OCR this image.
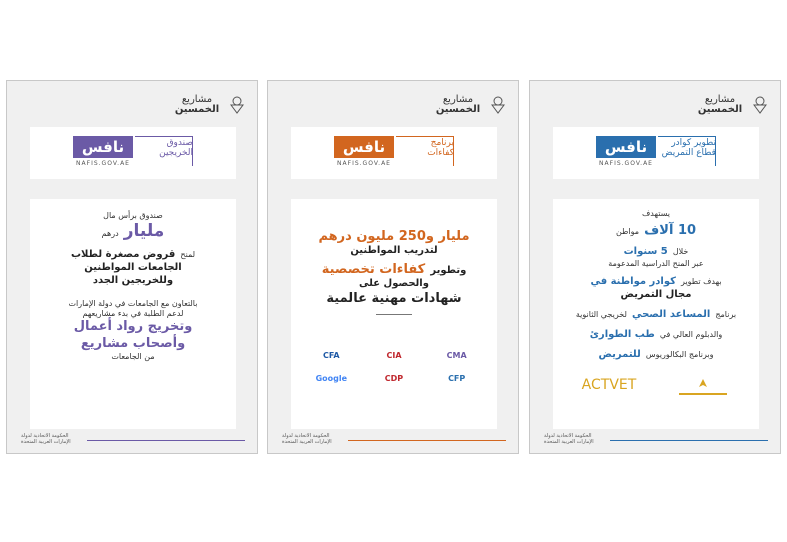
مشاريع
الخمسين
نافس
NAFIS.GOV.AE
صندوق
الخريجين
صندوق برأس مال
مليار درهم
لمنح قروض مصغرة لطلاب
الجامعات المواطنين
وللخريجين الجدد
بالتعاون مع الجامعات في دولة الإمارات
لدعم الطلبة في بدء مشاريعهم
وتخريج رواد أعمال
وأصحاب مشاريع
من الجامعات
الحكومة الاتحادية لدولة الإمارات العربية المتحدة
مشاريع
الخمسين
نافس
NAFIS.GOV.AE
برنامج
كفاءات
مليار و250 مليون درهم
لتدريب المواطنين
وتطوير كفاءات تخصصية
والحصول على
شهادات مهنية عالمية
CFA	CIA	CMA
Google	CDP	CFP
الحكومة الاتحادية لدولة الإمارات العربية المتحدة
مشاريع
الخمسين
نافس
NAFIS.GOV.AE
تطوير كوادر
قطاع التمريض
يستهدف
10 آلاف مواطن
خلال 5 سنوات
عبر المنح الدراسية المدعومة
بهدف تطوير كوادر مواطنة في
مجال التمريض
برنامج المساعد الصحي لخريجي الثانوية
والدبلوم العالي في طب الطوارئ
وبرنامج البكالوريوس للتمريض
ACTVET
الحكومة الاتحادية لدولة الإمارات العربية المتحدة
